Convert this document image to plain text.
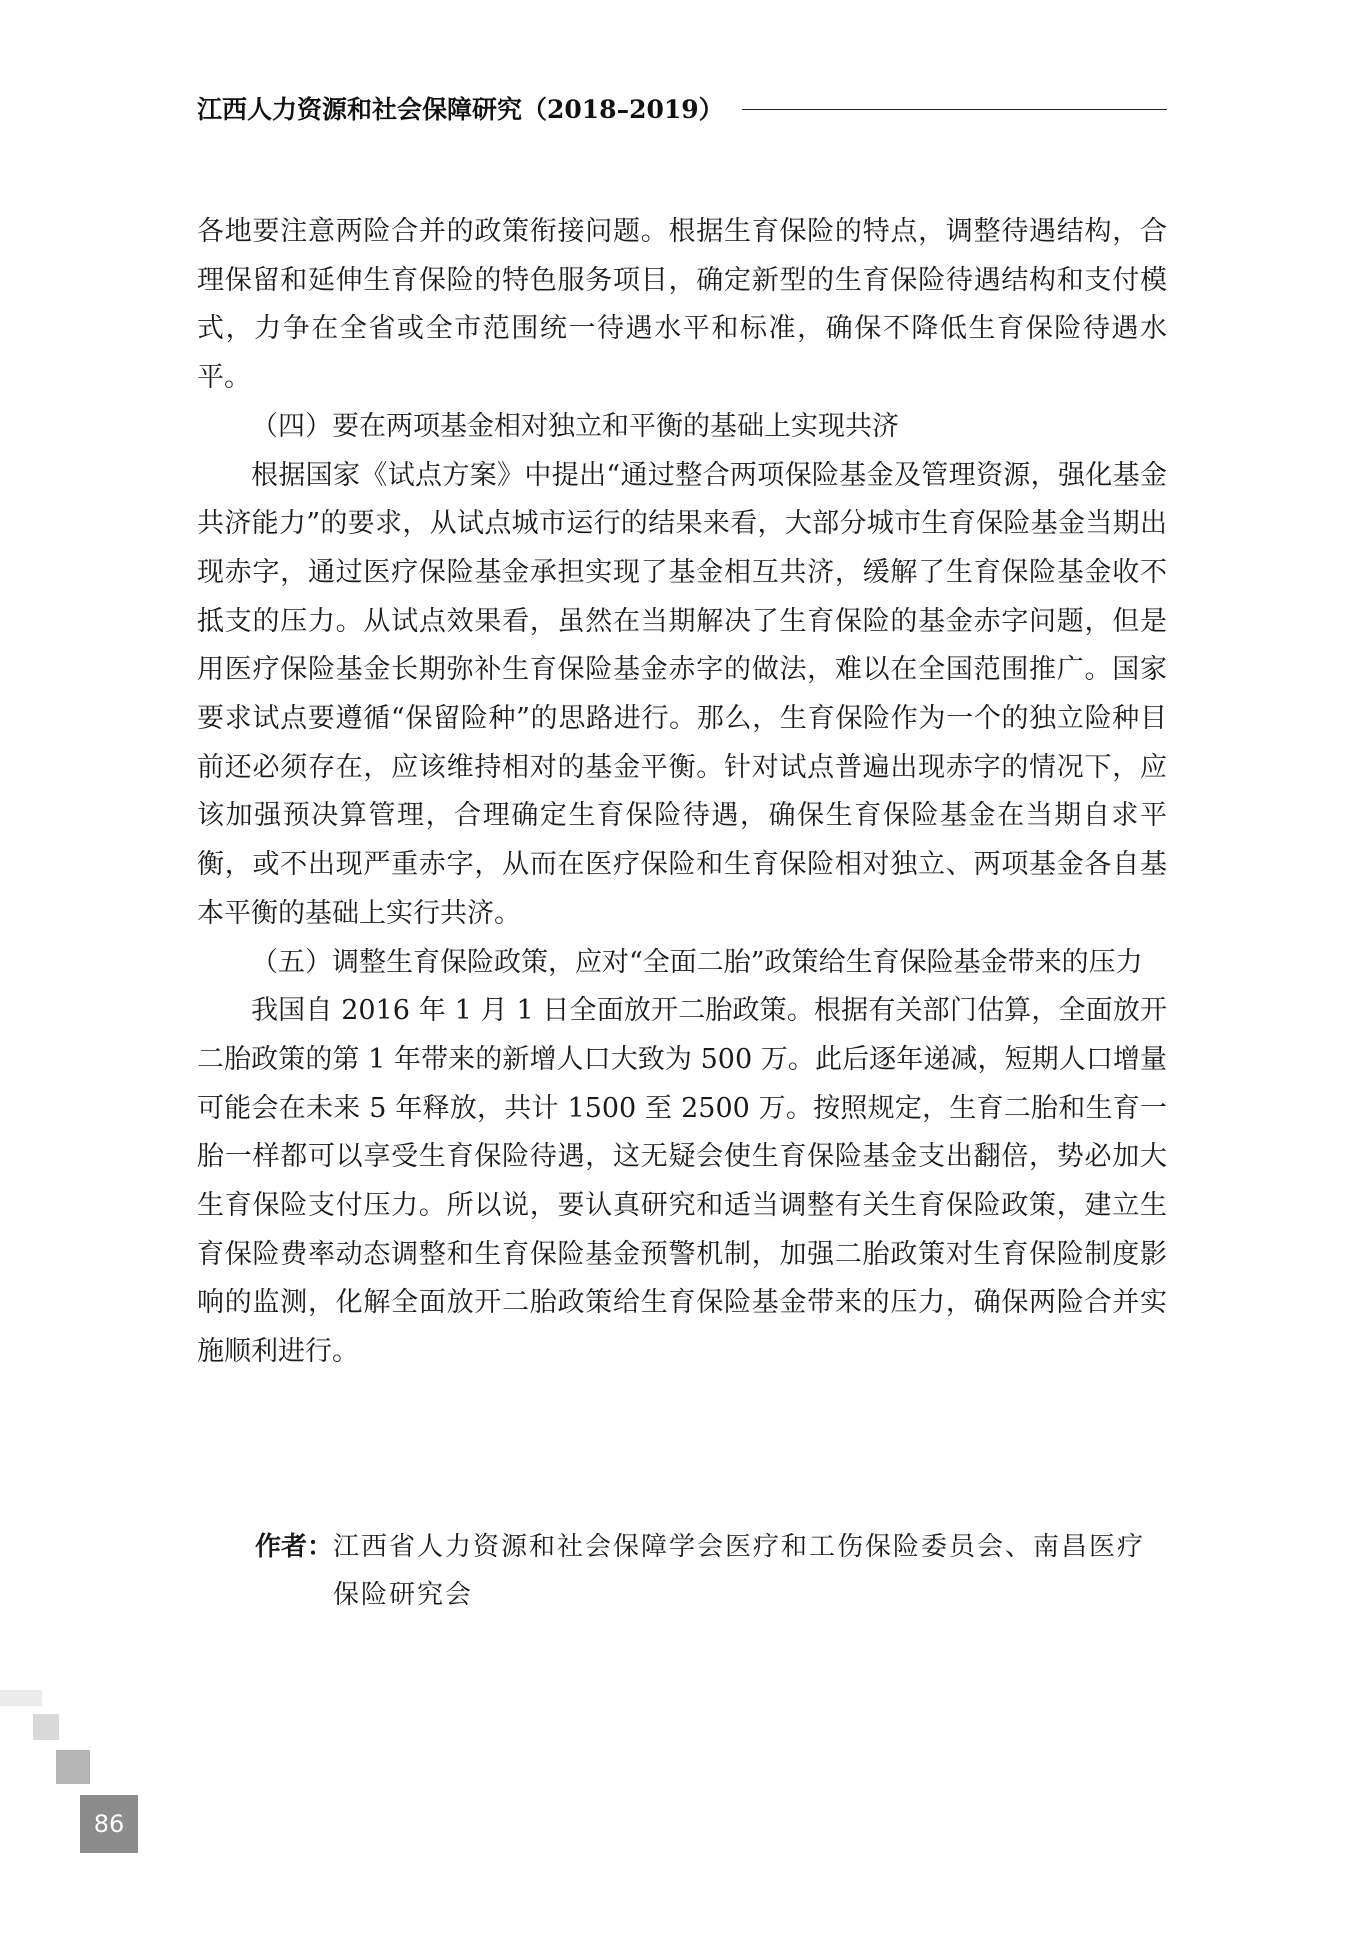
江西人力资源和社会保障研究（2018–2019）

各地要注意两险合并的政策衔接问题。根据生育保险的特点，调整待遇结构，合理保留和延伸生育保险的特色服务项目，确定新型的生育保险待遇结构和支付模式，力争在全省或全市范围统一待遇水平和标准，确保不降低生育保险待遇水平。

（四）要在两项基金相对独立和平衡的基础上实现共济

根据国家《试点方案》中提出“通过整合两项保险基金及管理资源，强化基金共济能力”的要求，从试点城市运行的结果来看，大部分城市生育保险基金当期出现赤字，通过医疗保险基金承担实现了基金相互共济，缓解了生育保险基金收不抵支的压力。从试点效果看，虽然在当期解决了生育保险的基金赤字问题，但是用医疗保险基金长期弥补生育保险基金赤字的做法，难以在全国范围推广。国家要求试点要遵循“保留险种”的思路进行。那么，生育保险作为一个的独立险种目前还必须存在，应该维持相对的基金平衡。针对试点普遍出现赤字的情况下，应该加强预决算管理，合理确定生育保险待遇，确保生育保险基金在当期自求平衡，或不出现严重赤字，从而在医疗保险和生育保险相对独立、两项基金各自基本平衡的基础上实行共济。

（五）调整生育保险政策，应对“全面二胎”政策给生育保险基金带来的压力

我国自 2016 年 1 月 1 日全面放开二胎政策。根据有关部门估算，全面放开二胎政策的第 1 年带来的新增人口大致为 500 万。此后逐年递减，短期人口增量可能会在未来 5 年释放，共计 1500 至 2500 万。按照规定，生育二胎和生育一胎一样都可以享受生育保险待遇，这无疑会使生育保险基金支出翻倍，势必加大生育保险支付压力。所以说，要认真研究和适当调整有关生育保险政策，建立生育保险费率动态调整和生育保险基金预警机制，加强二胎政策对生育保险制度影响的监测，化解全面放开二胎政策给生育保险基金带来的压力，确保两险合并实施顺利进行。

作者： 江西省人力资源和社会保障学会医疗和工伤保险委员会、南昌医疗保险研究会
86
